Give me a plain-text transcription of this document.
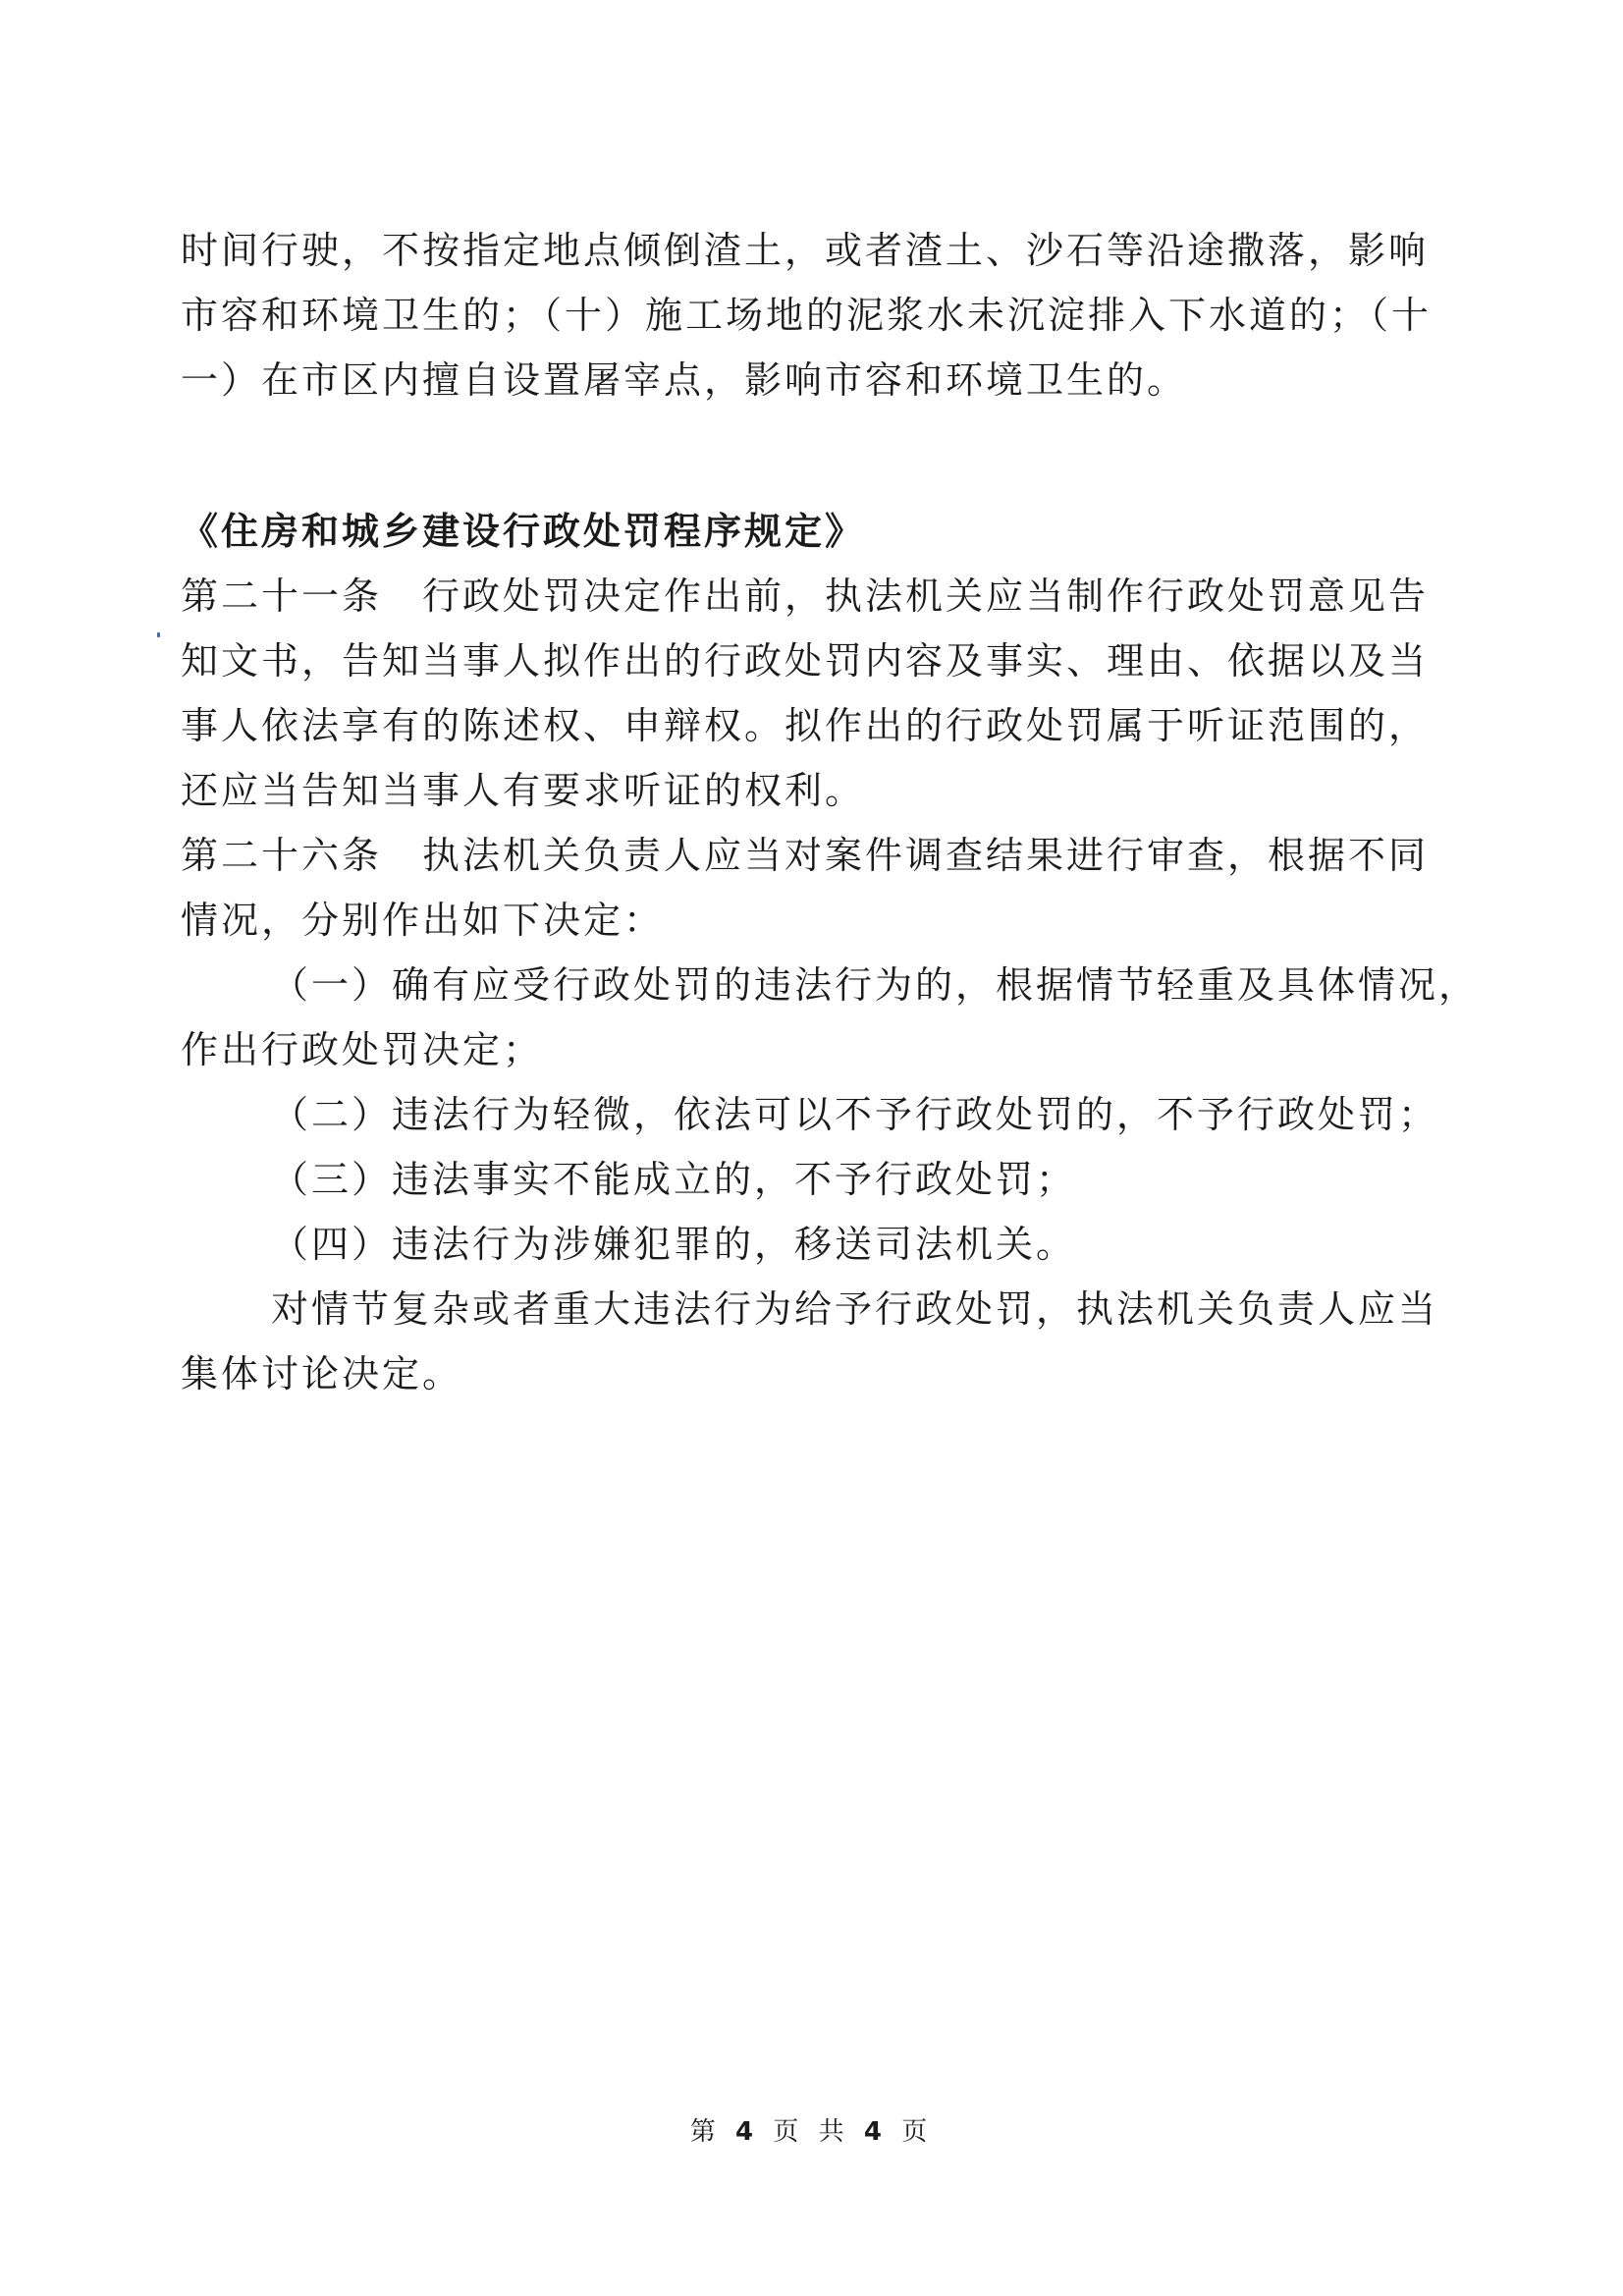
时间行驶，不按指定地点倾倒渣土，或者渣土、沙石等沿途撒落，影响
市容和环境卫生的；（十）施工场地的泥浆水未沉淀排入下水道的；（十
一）在市区内擅自设置屠宰点，影响市容和环境卫生的。
《住房和城乡建设行政处罚程序规定》
第二十一条　行政处罚决定作出前，执法机关应当制作行政处罚意见告
知文书，告知当事人拟作出的行政处罚内容及事实、理由、依据以及当
事人依法享有的陈述权、申辩权。拟作出的行政处罚属于听证范围的，
还应当告知当事人有要求听证的权利。
第二十六条　执法机关负责人应当对案件调查结果进行审查，根据不同
情况，分别作出如下决定：
（一）确有应受行政处罚的违法行为的，根据情节轻重及具体情况，
作出行政处罚决定；
（二）违法行为轻微，依法可以不予行政处罚的，不予行政处罚；
（三）违法事实不能成立的，不予行政处罚；
（四）违法行为涉嫌犯罪的，移送司法机关。
对情节复杂或者重大违法行为给予行政处罚，执法机关负责人应当
集体讨论决定。
第 4 页 共 4 页
